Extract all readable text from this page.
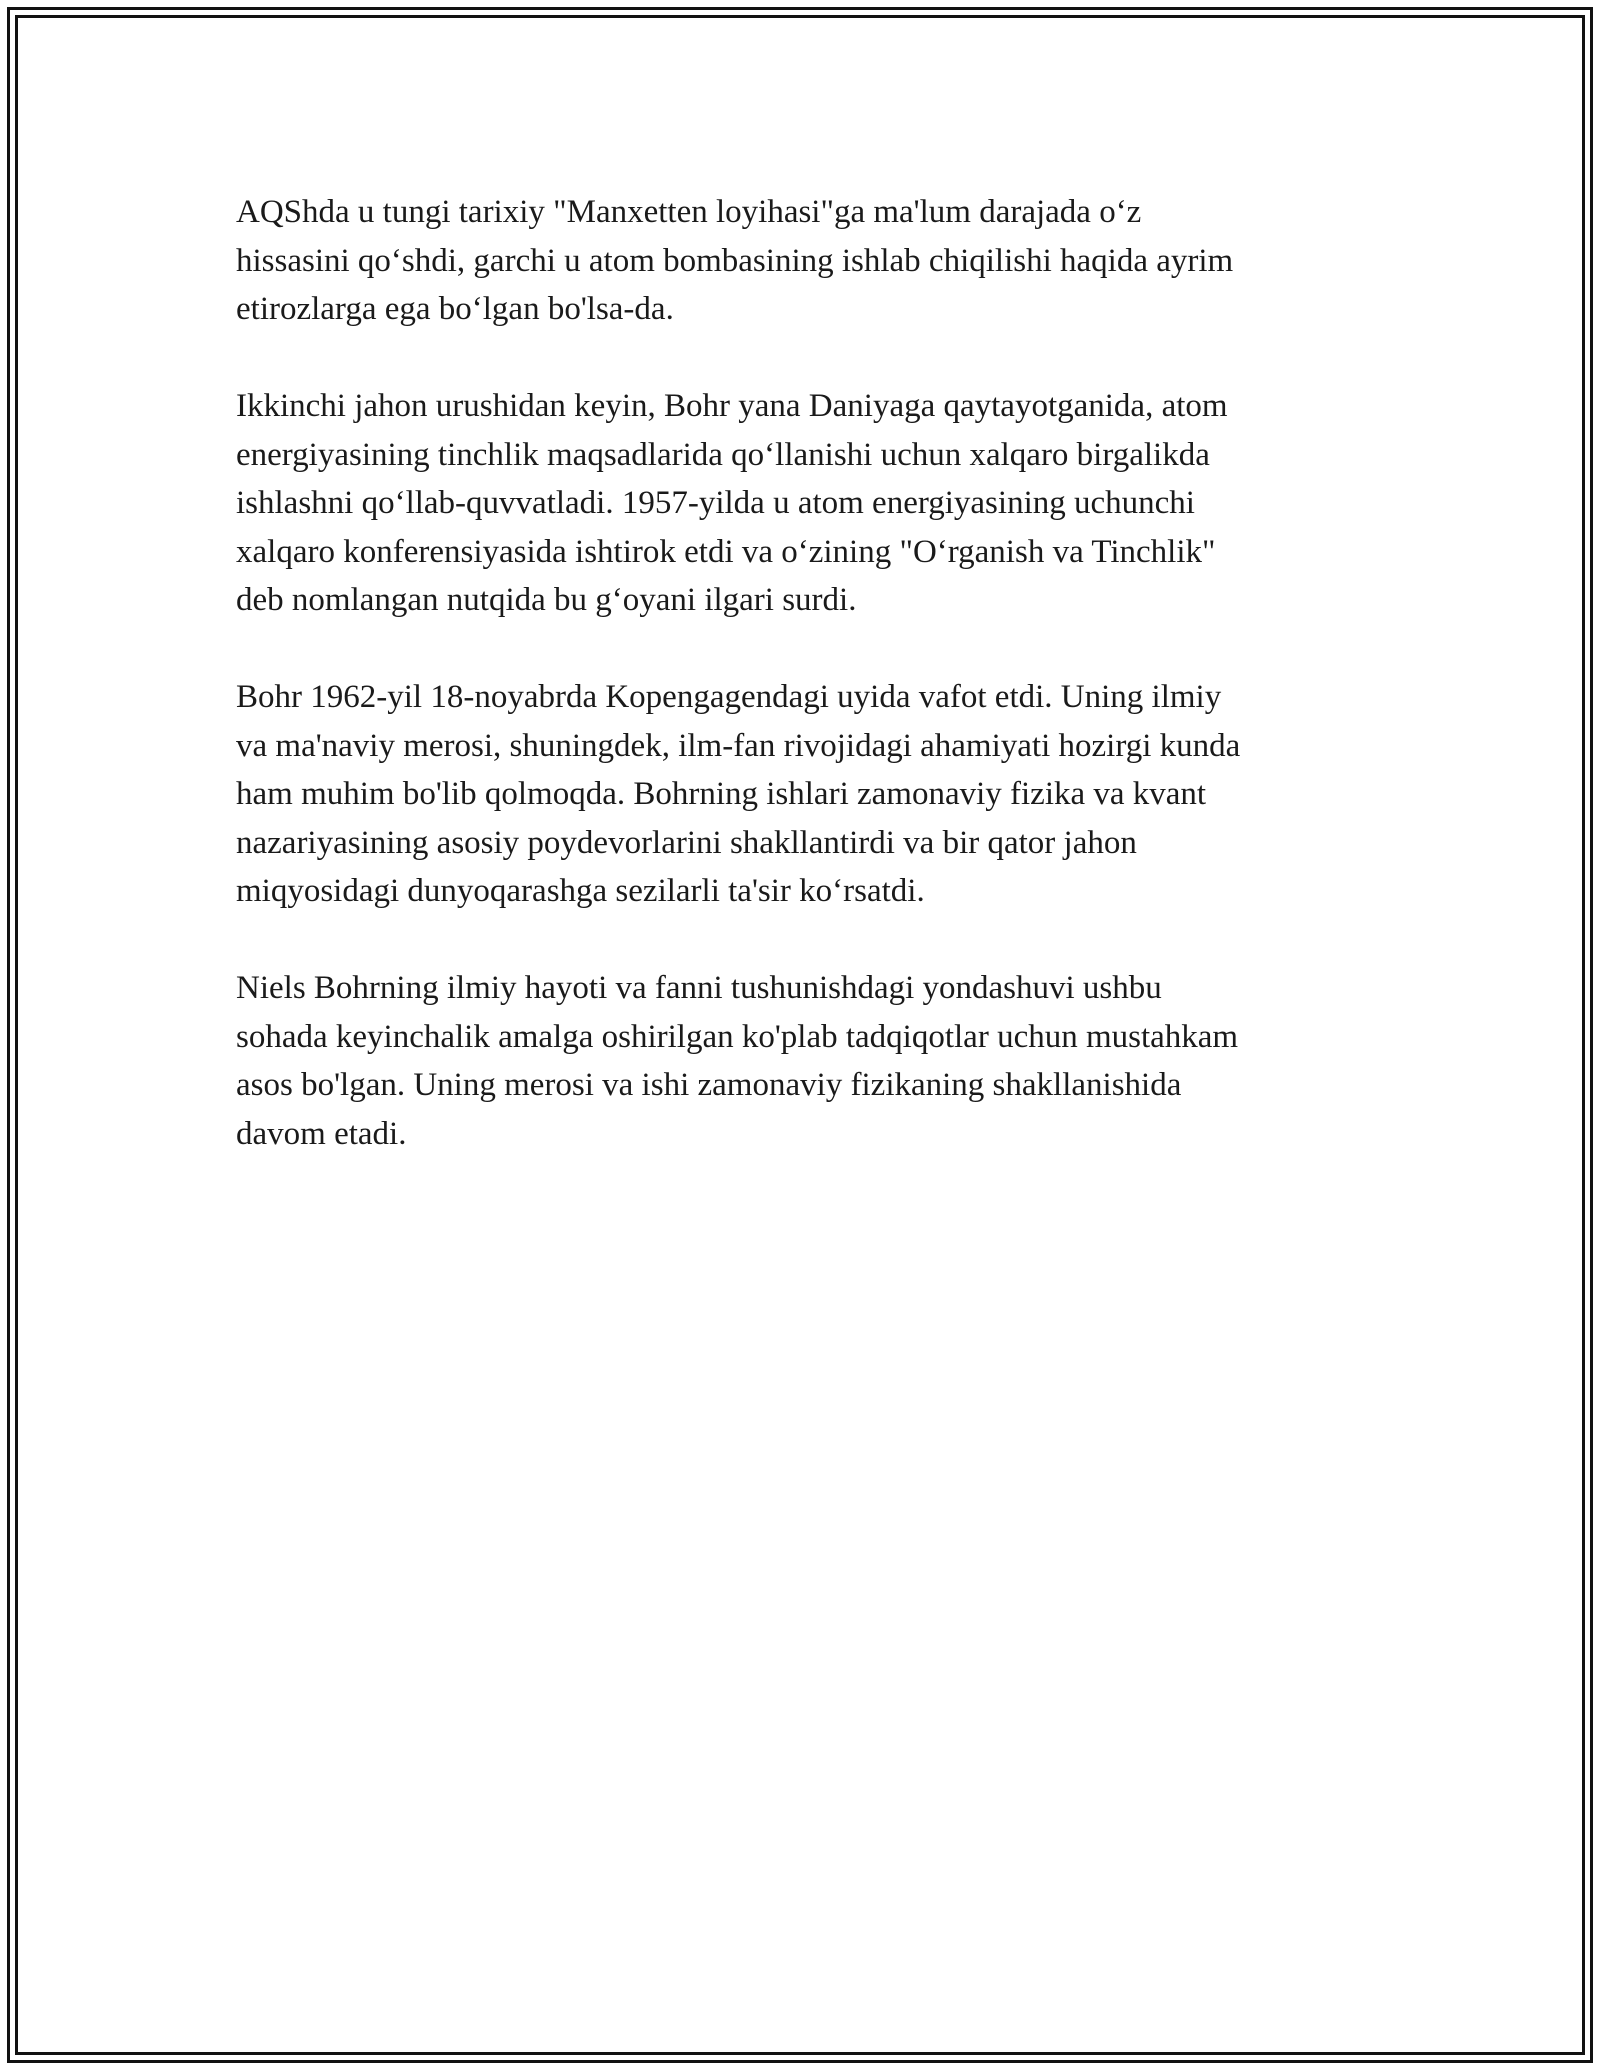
AQShda u tungi tarixiy "Manxetten loyihasi"ga ma'lum darajada o‘z
hissasini qo‘shdi, garchi u atom bombasining ishlab chiqilishi haqida ayrim
etirozlarga ega bo‘lgan bo'lsa-da.

Ikkinchi jahon urushidan keyin, Bohr yana Daniyaga qaytayotganida, atom
energiyasining tinchlik maqsadlarida qo‘llanishi uchun xalqaro birgalikda
ishlashni qo‘llab-quvvatladi. 1957-yilda u atom energiyasining uchunchi
xalqaro konferensiyasida ishtirok etdi va o‘zining "O‘rganish va Tinchlik"
deb nomlangan nutqida bu g‘oyani ilgari surdi.

Bohr 1962-yil 18-noyabrda Kopengagendagi uyida vafot etdi. Uning ilmiy
va ma'naviy merosi, shuningdek, ilm-fan rivojidagi ahamiyati hozirgi kunda
ham muhim bo'lib qolmoqda. Bohrning ishlari zamonaviy fizika va kvant
nazariyasining asosiy poydevorlarini shakllantirdi va bir qator jahon
miqyosidagi dunyoqarashga sezilarli ta'sir ko‘rsatdi.

Niels Bohrning ilmiy hayoti va fanni tushunishdagi yondashuvi ushbu
sohada keyinchalik amalga oshirilgan ko'plab tadqiqotlar uchun mustahkam
asos bo'lgan. Uning merosi va ishi zamonaviy fizikaning shakllanishida
davom etadi.
